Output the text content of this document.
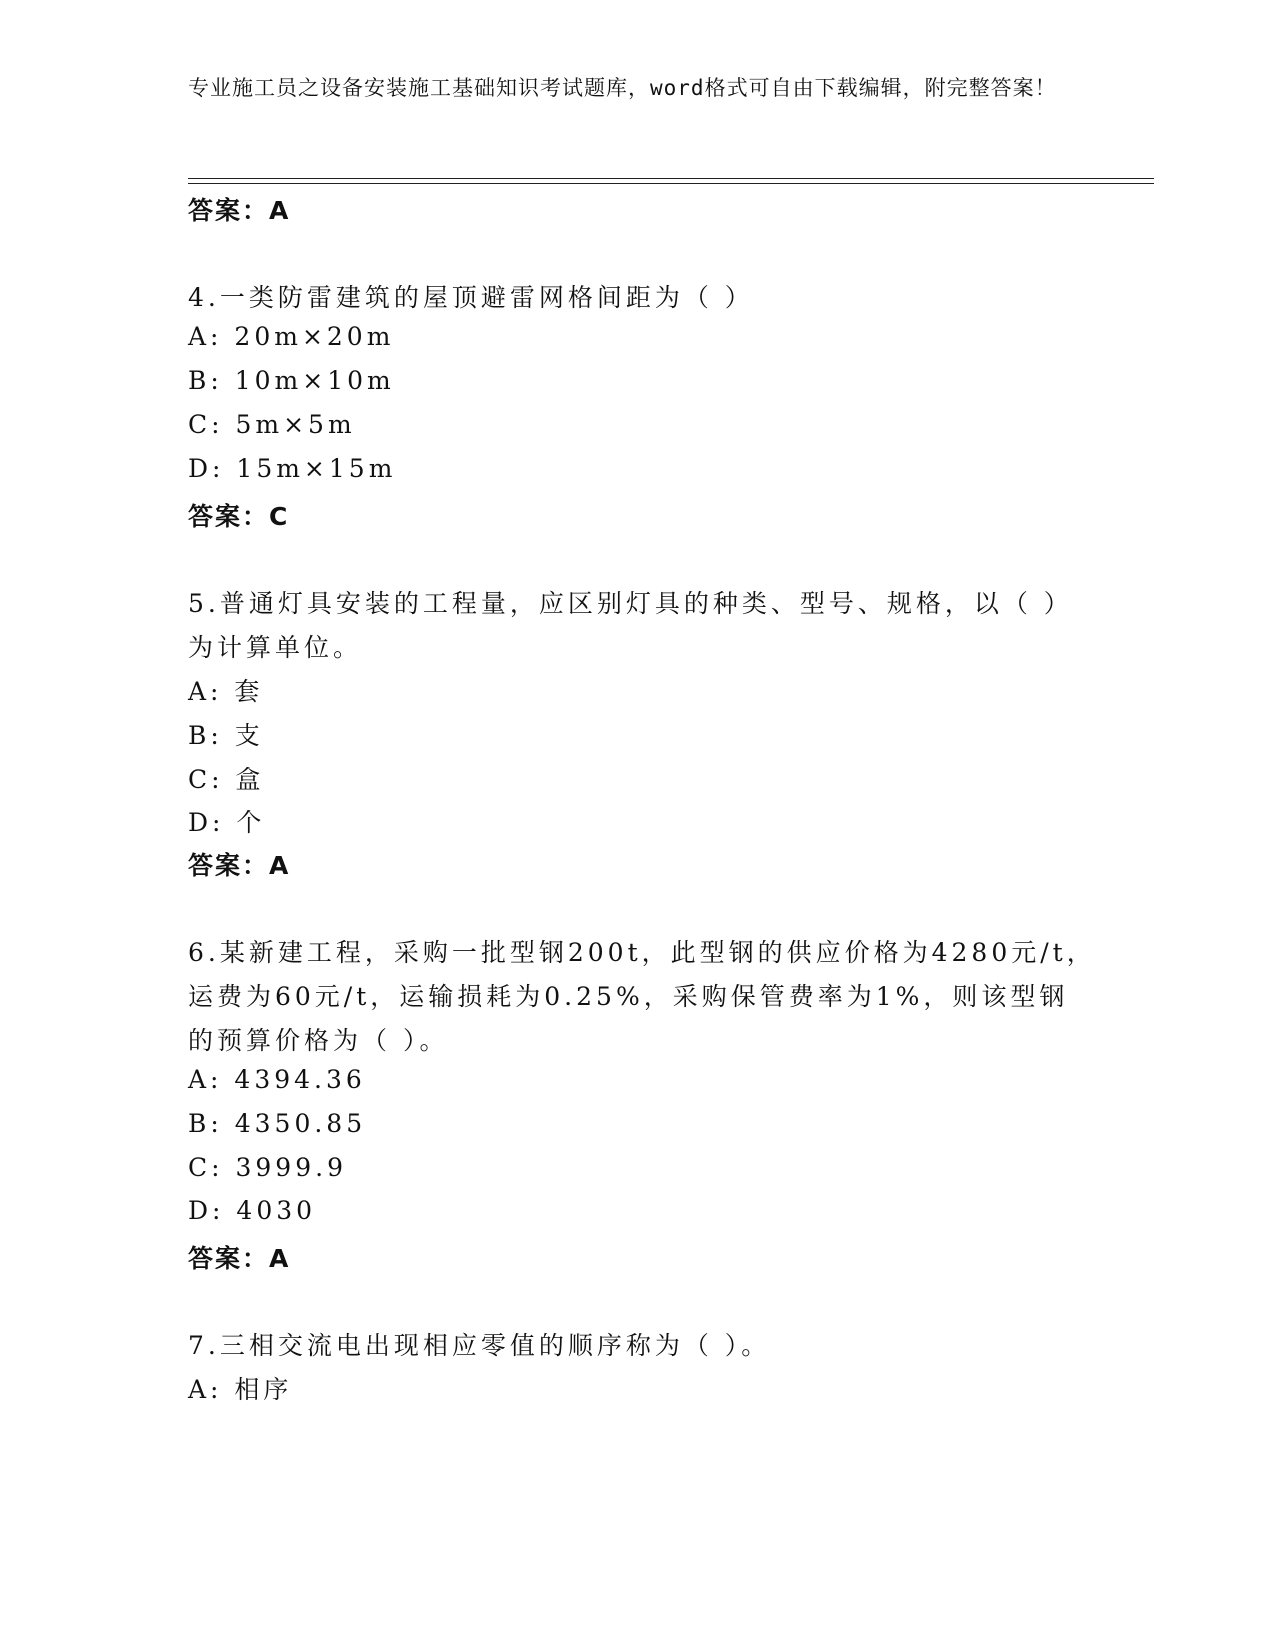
专业施工员之设备安装施工基础知识考试题库，word格式可自由下载编辑，附完整答案！
答案：A
4.一类防雷建筑的屋顶避雷网格间距为（ ）
A: 20m×20m
B: 10m×10m
C: 5m×5m
D: 15m×15m
答案：C
5.普通灯具安装的工程量，应区别灯具的种类、型号、规格，以（ ）
为计算单位。
A: 套
B: 支
C: 盒
D: 个
答案：A
6.某新建工程，采购一批型钢200t，此型钢的供应价格为4280元/t，
运费为60元/t，运输损耗为0.25%，采购保管费率为1%，则该型钢
的预算价格为（ ）。
A: 4394.36
B: 4350.85
C: 3999.9
D: 4030
答案：A
7.三相交流电出现相应零值的顺序称为（ ）。
A: 相序
